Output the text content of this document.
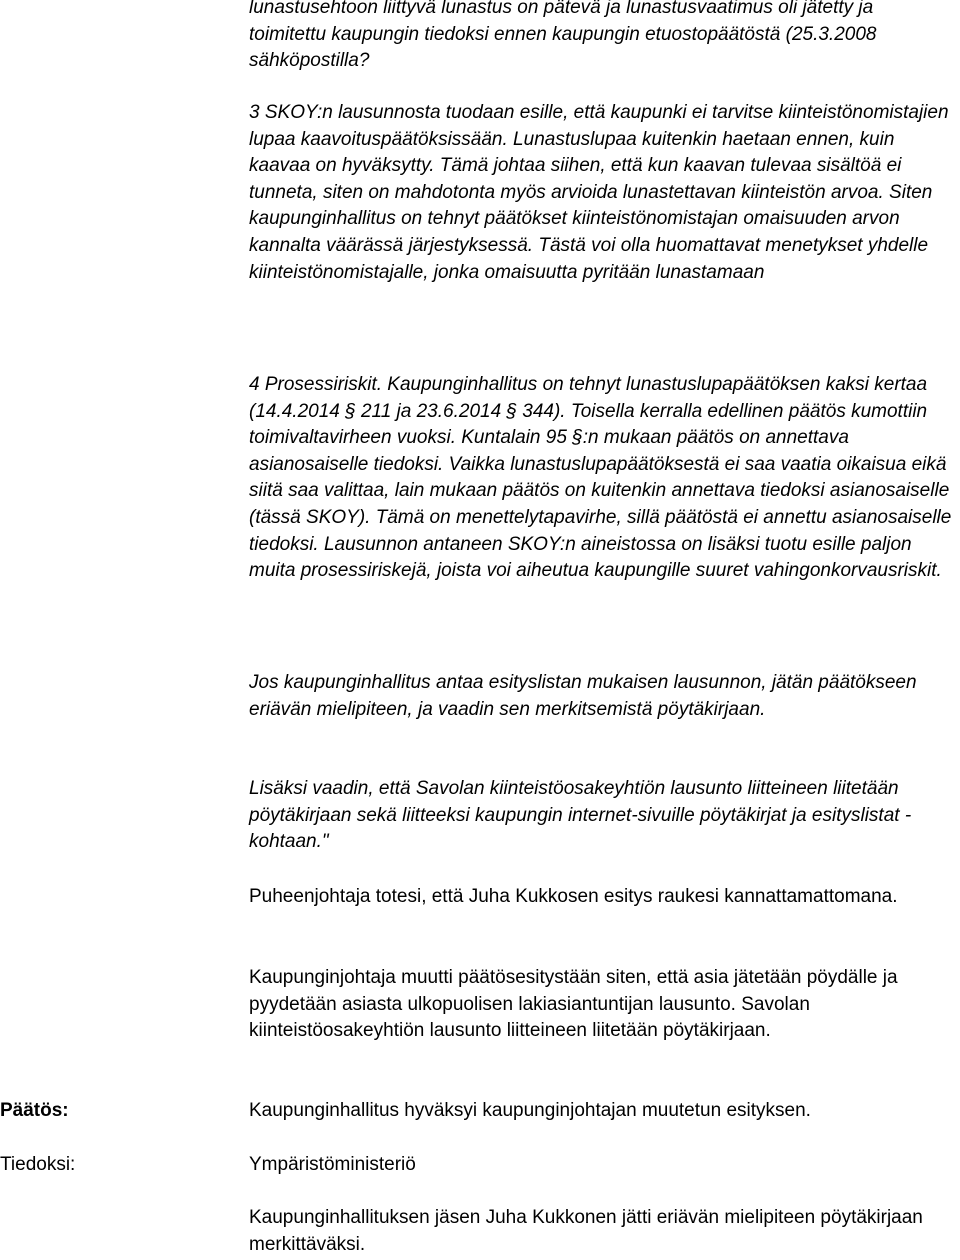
lunastusehtoon liittyvä lunastus on pätevä ja lunastusvaatimus oli jätetty ja toimitettu kaupungin tiedoksi ennen kaupungin etuostopäätöstä (25.3.2008 sähköpostilla?

3 SKOY:n lausunnosta tuodaan esille, että kaupunki ei tarvitse kiinteistönomistajien lupaa kaavoituspäätöksissään. Lunastuslupaa kuitenkin haetaan ennen, kuin kaavaa on hyväksytty. Tämä johtaa siihen, että kun kaavan tulevaa sisältöä ei tunneta, siten on mahdotonta myös arvioida lunastettavan kiinteistön arvoa. Siten kaupunginhallitus on tehnyt päätökset kiinteistönomistajan omaisuuden arvon kannalta väärässä järjestyksessä. Tästä voi olla huomattavat menetykset yhdelle kiinteistönomistajalle, jonka omaisuutta pyritään lunastamaan

4 Prosessiriskit. Kaupunginhallitus on tehnyt lunastuslupapäätöksen kaksi kertaa (14.4.2014 § 211 ja 23.6.2014 § 344). Toisella kerralla edellinen päätös kumottiin toimivaltavirheen vuoksi. Kuntalain 95 §:n mukaan päätös on annettava asianosaiselle tiedoksi. Vaikka lunastuslupapäätöksestä ei saa vaatia oikaisua eikä siitä saa valittaa, lain mukaan päätös on kuitenkin annettava tiedoksi asianosaiselle (tässä SKOY). Tämä on menettelytapavirhe, sillä päätöstä ei annettu asianosaiselle tiedoksi. Lausunnon antaneen SKOY:n aineistossa on lisäksi tuotu esille paljon muita prosessiriskejä, joista voi aiheutua kaupungille suuret vahingonkorvausriskit.

Jos kaupunginhallitus antaa esityslistan mukaisen lausunnon, jätän päätökseen eriävän mielipiteen, ja vaadin sen merkitsemistä pöytäkirjaan.

Lisäksi vaadin, että Savolan kiinteistöosakeyhtiön lausunto liitteineen liitetään pöytäkirjaan sekä liitteeksi kaupungin internet-sivuille pöytäkirjat ja esityslistat -kohtaan."

Puheenjohtaja totesi, että Juha Kukkosen esitys raukesi kannattamattomana.

Kaupunginjohtaja muutti päätösesitystään siten, että asia jätetään pöydälle ja pyydetään asiasta ulkopuolisen lakiasiantuntijan lausunto. Savolan kiinteistöosakeyhtiön lausunto liitteineen liitetään pöytäkirjaan.

Päätös:	Kaupunginhallitus hyväksyi kaupunginjohtajan muutetun esityksen.

Tiedoksi:	Ympäristöministeriö

Kaupunginhallituksen jäsen Juha Kukkonen jätti eriävän mielipiteen pöytäkirjaan merkittäväksi.
